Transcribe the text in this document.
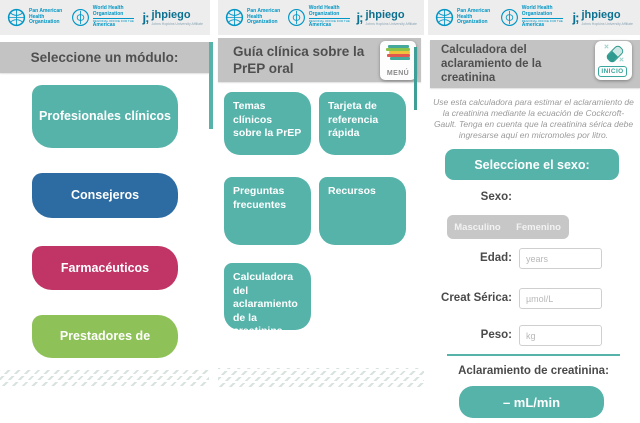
Pan American
Health
Organization
World Health
Organization
REGIONAL OFFICE FOR THE
Americas
j; jhpiego
Johns Hopkins University Affiliate
Seleccione un módulo:
Profesionales clínicos
Consejeros
Farmacéuticos
Prestadores de
Pan American
Health
Organization
World Health
Organization
REGIONAL OFFICE FOR THE
Americas
j; jhpiego
Johns Hopkins University Affiliate
Guía clínica sobre la PrEP oral	MENÚ
Temas clínicos sobre la PrEP
Tarjeta de referencia rápida
Preguntas frecuentes
Recursos
Calculadora del aclaramiento de la creatinina
Pan American
Health
Organization
World Health
Organization
REGIONAL OFFICE FOR THE
Americas
j; jhpiego
Johns Hopkins University Affiliate
Calculadora del aclaramiento de la creatinina
INICIO
Use esta calculadora para estimar el aclaramiento de la creatinina mediante la ecuación de Cockcroft-Gault. Tenga en cuenta que la creatinina sérica debe ingresarse aquí en micromoles por litro.
Seleccione el sexo:
Sexo:
Masculino	Femenino
Edad:
years
Creat Sérica:
µmol/L
Peso:
kg
Aclaramiento de creatinina:
– mL/min
